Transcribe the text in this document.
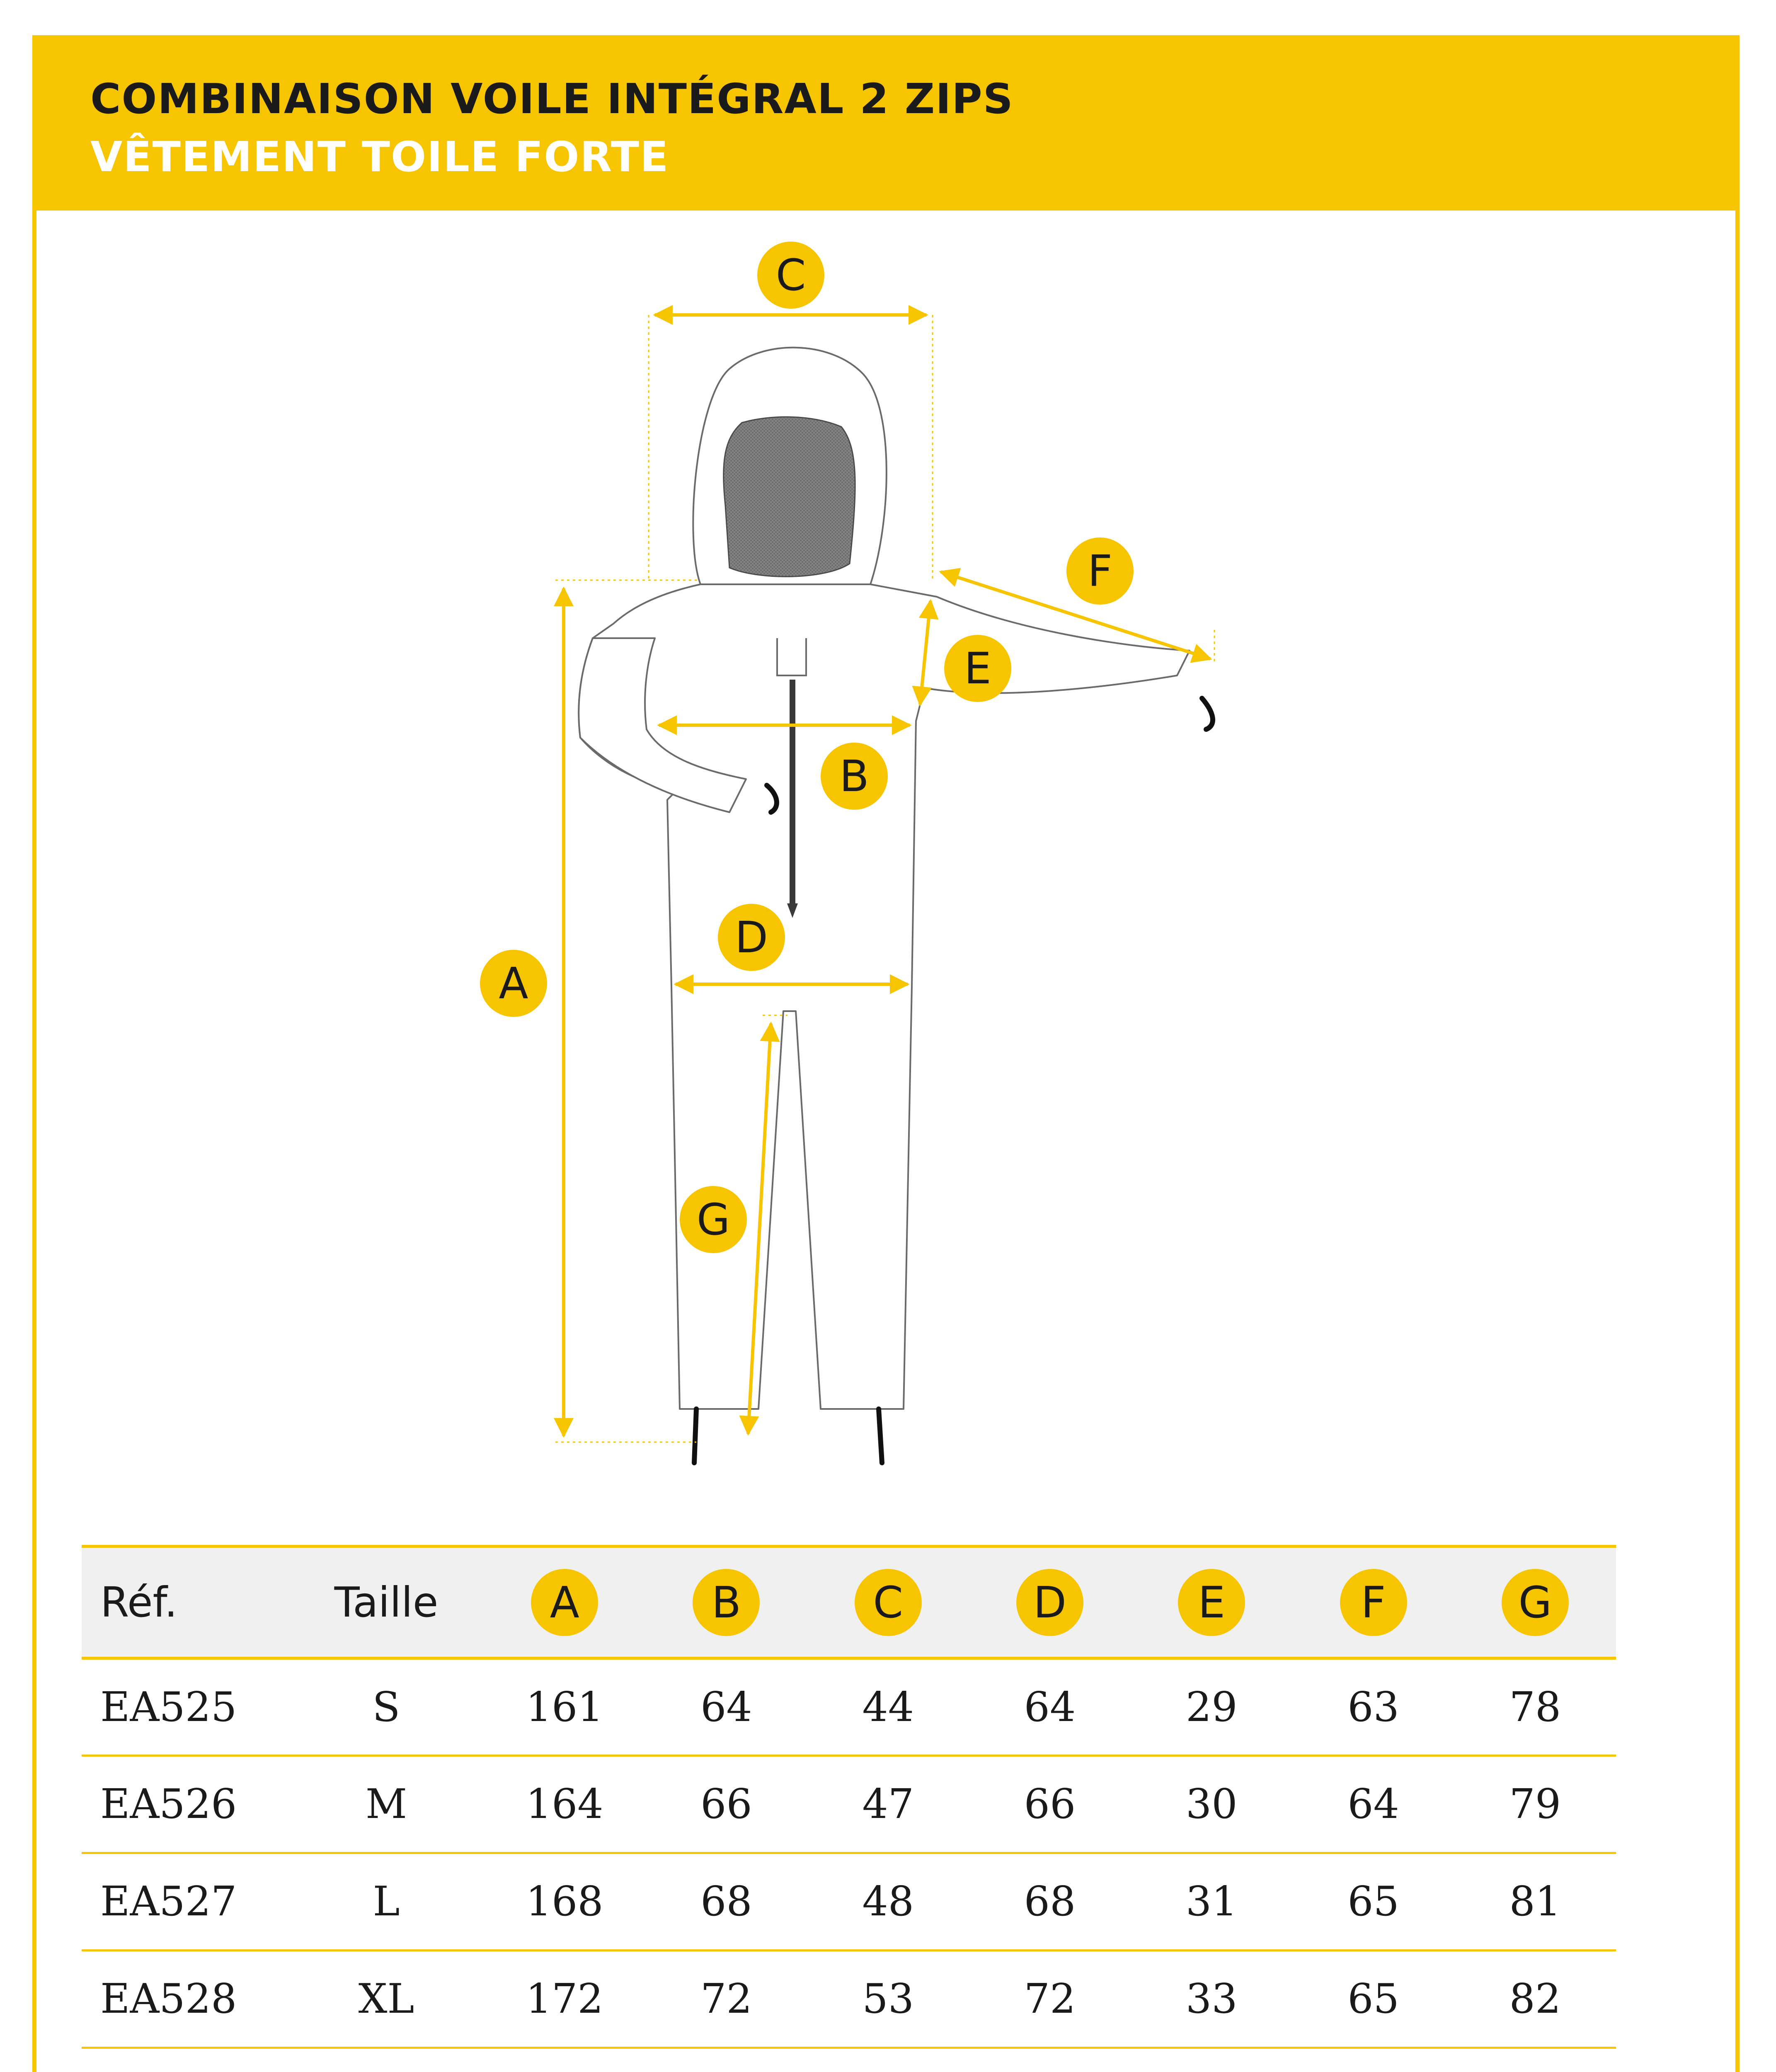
COMBINAISON VOILE INTÉGRAL 2 ZIPS
VÊTEMENT TOILE FORTE
C
F
E
B
D
A
G
Réf.	Taille	A	B	C	D	E	F	G
EA525	S	161	64	44	64	29	63	78
EA526	M	164	66	47	66	30	64	79
EA527	L	168	68	48	68	31	65	81
EA528	XL	172	72	53	72	33	65	82
